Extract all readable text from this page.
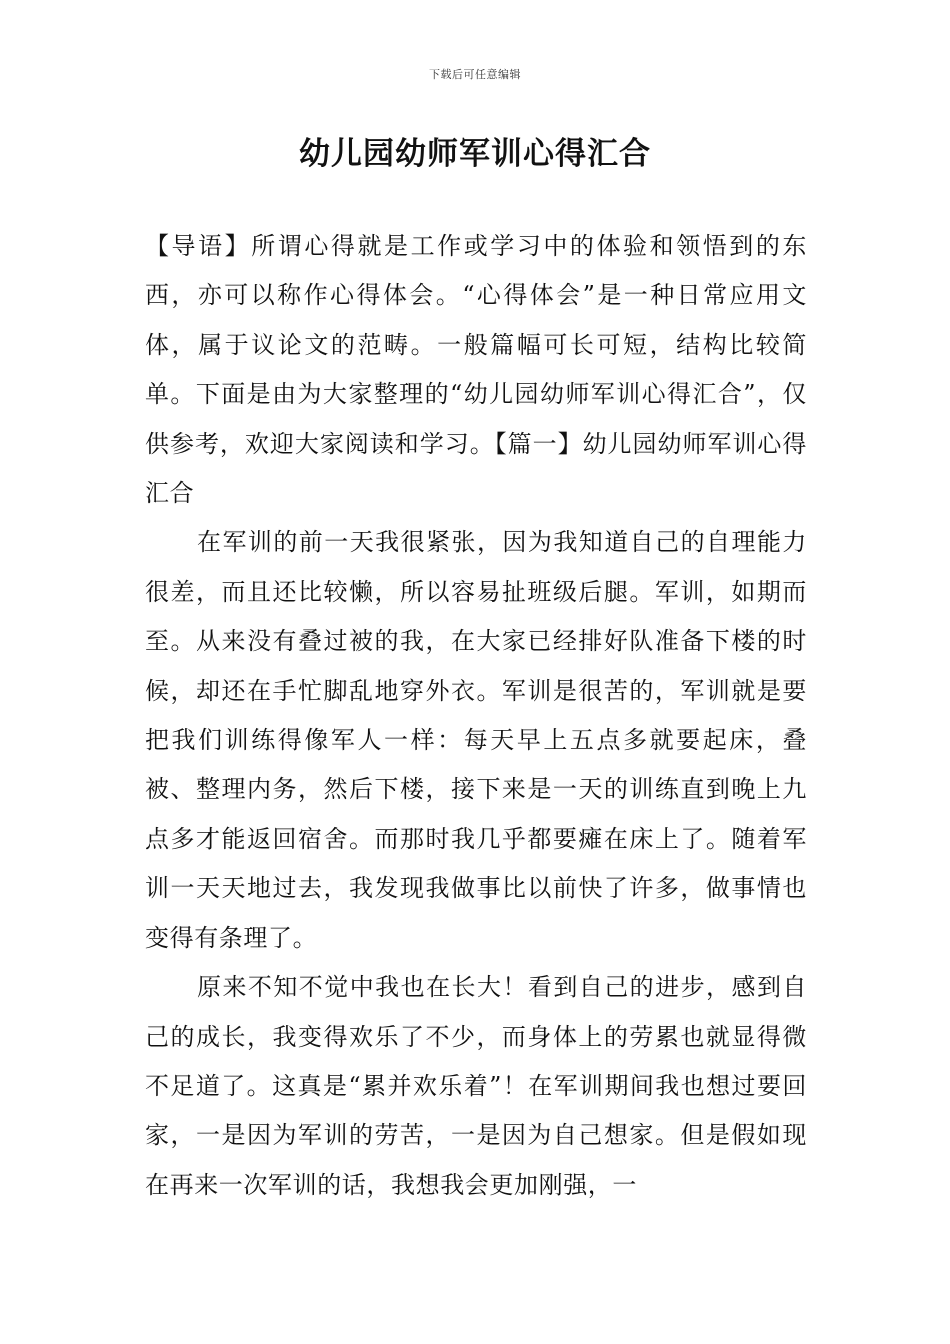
下载后可任意编辑
幼儿园幼师军训心得汇合

【导语】所谓心得就是工作或学习中的体验和领悟到的东西，亦可以称作心得体会。“心得体会”是一种日常应用文体，属于议论文的范畴。一般篇幅可长可短，结构比较简单。下面是由为大家整理的“幼儿园幼师军训心得汇合”，仅供参考，欢迎大家阅读和学习。【篇一】幼儿园幼师军训心得汇合

在军训的前一天我很紧张，因为我知道自己的自理能力很差，而且还比较懒，所以容易扯班级后腿。军训，如期而至。从来没有叠过被的我，在大家已经排好队准备下楼的时候，却还在手忙脚乱地穿外衣。军训是很苦的，军训就是要把我们训练得像军人一样：每天早上五点多就要起床，叠被、整理内务，然后下楼，接下来是一天的训练直到晚上九点多才能返回宿舍。而那时我几乎都要瘫在床上了。随着军训一天天地过去，我发现我做事比以前快了许多，做事情也变得有条理了。

原来不知不觉中我也在长大！看到自己的进步，感到自己的成长，我变得欢乐了不少，而身体上的劳累也就显得微不足道了。这真是“累并欢乐着”！在军训期间我也想过要回家，一是因为军训的劳苦，一是因为自己想家。但是假如现在再来一次军训的话，我想我会更加刚强，一
